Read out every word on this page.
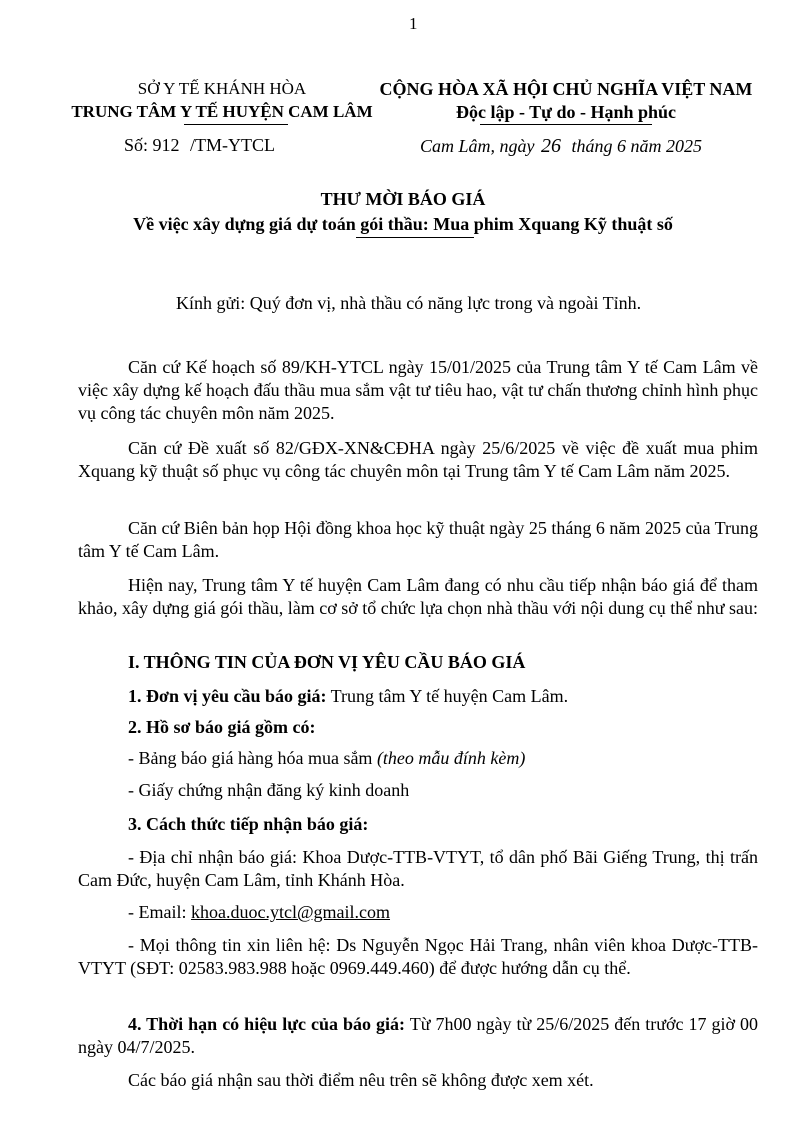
1
SỞ Y TẾ KHÁNH HÒA
TRUNG TÂM Y TẾ HUYỆN CAM LÂM
Số: 912 /TM-YTCL
CỘNG HÒA XÃ HỘI CHỦ NGHĨA VIỆT NAM
Độc lập - Tự do - Hạnh phúc
Cam Lâm, ngày 26 tháng 6 năm 2025
THƯ MỜI BÁO GIÁ
Về việc xây dựng giá dự toán gói thầu: Mua phim Xquang Kỹ thuật số
Kính gửi: Quý đơn vị, nhà thầu có năng lực trong và ngoài Tỉnh.
Căn cứ Kế hoạch số 89/KH-YTCL ngày 15/01/2025 của Trung tâm Y tế Cam Lâm về việc xây dựng kế hoạch đấu thầu mua sắm vật tư tiêu hao, vật tư chấn thương chỉnh hình phục vụ công tác chuyên môn năm 2025.
Căn cứ Đề xuất số 82/GĐX-XN&CĐHA ngày 25/6/2025 về việc đề xuất mua phim Xquang kỹ thuật số phục vụ công tác chuyên môn tại Trung tâm Y tế Cam Lâm năm 2025.
Căn cứ Biên bản họp Hội đồng khoa học kỹ thuật ngày 25 tháng 6 năm 2025 của Trung tâm Y tế Cam Lâm.
Hiện nay, Trung tâm Y tế huyện Cam Lâm đang có nhu cầu tiếp nhận báo giá để tham khảo, xây dựng giá gói thầu, làm cơ sở tổ chức lựa chọn nhà thầu với nội dung cụ thể như sau:
I. THÔNG TIN CỦA ĐƠN VỊ YÊU CẦU BÁO GIÁ
1. Đơn vị yêu cầu báo giá: Trung tâm Y tế huyện Cam Lâm.
2. Hồ sơ báo giá gồm có:
- Bảng báo giá hàng hóa mua sắm (theo mẫu đính kèm)
- Giấy chứng nhận đăng ký kinh doanh
3. Cách thức tiếp nhận báo giá:
- Địa chỉ nhận báo giá: Khoa Dược-TTB-VTYT, tổ dân phố Bãi Giếng Trung, thị trấn Cam Đức, huyện Cam Lâm, tỉnh Khánh Hòa.
- Email: khoa.duoc.ytcl@gmail.com
- Mọi thông tin xin liên hệ: Ds Nguyễn Ngọc Hải Trang, nhân viên khoa Dược-TTB-VTYT (SĐT: 02583.983.988 hoặc 0969.449.460) để được hướng dẫn cụ thể.
4. Thời hạn có hiệu lực của báo giá: Từ 7h00 ngày từ 25/6/2025 đến trước 17 giờ 00 ngày 04/7/2025.
Các báo giá nhận sau thời điểm nêu trên sẽ không được xem xét.
